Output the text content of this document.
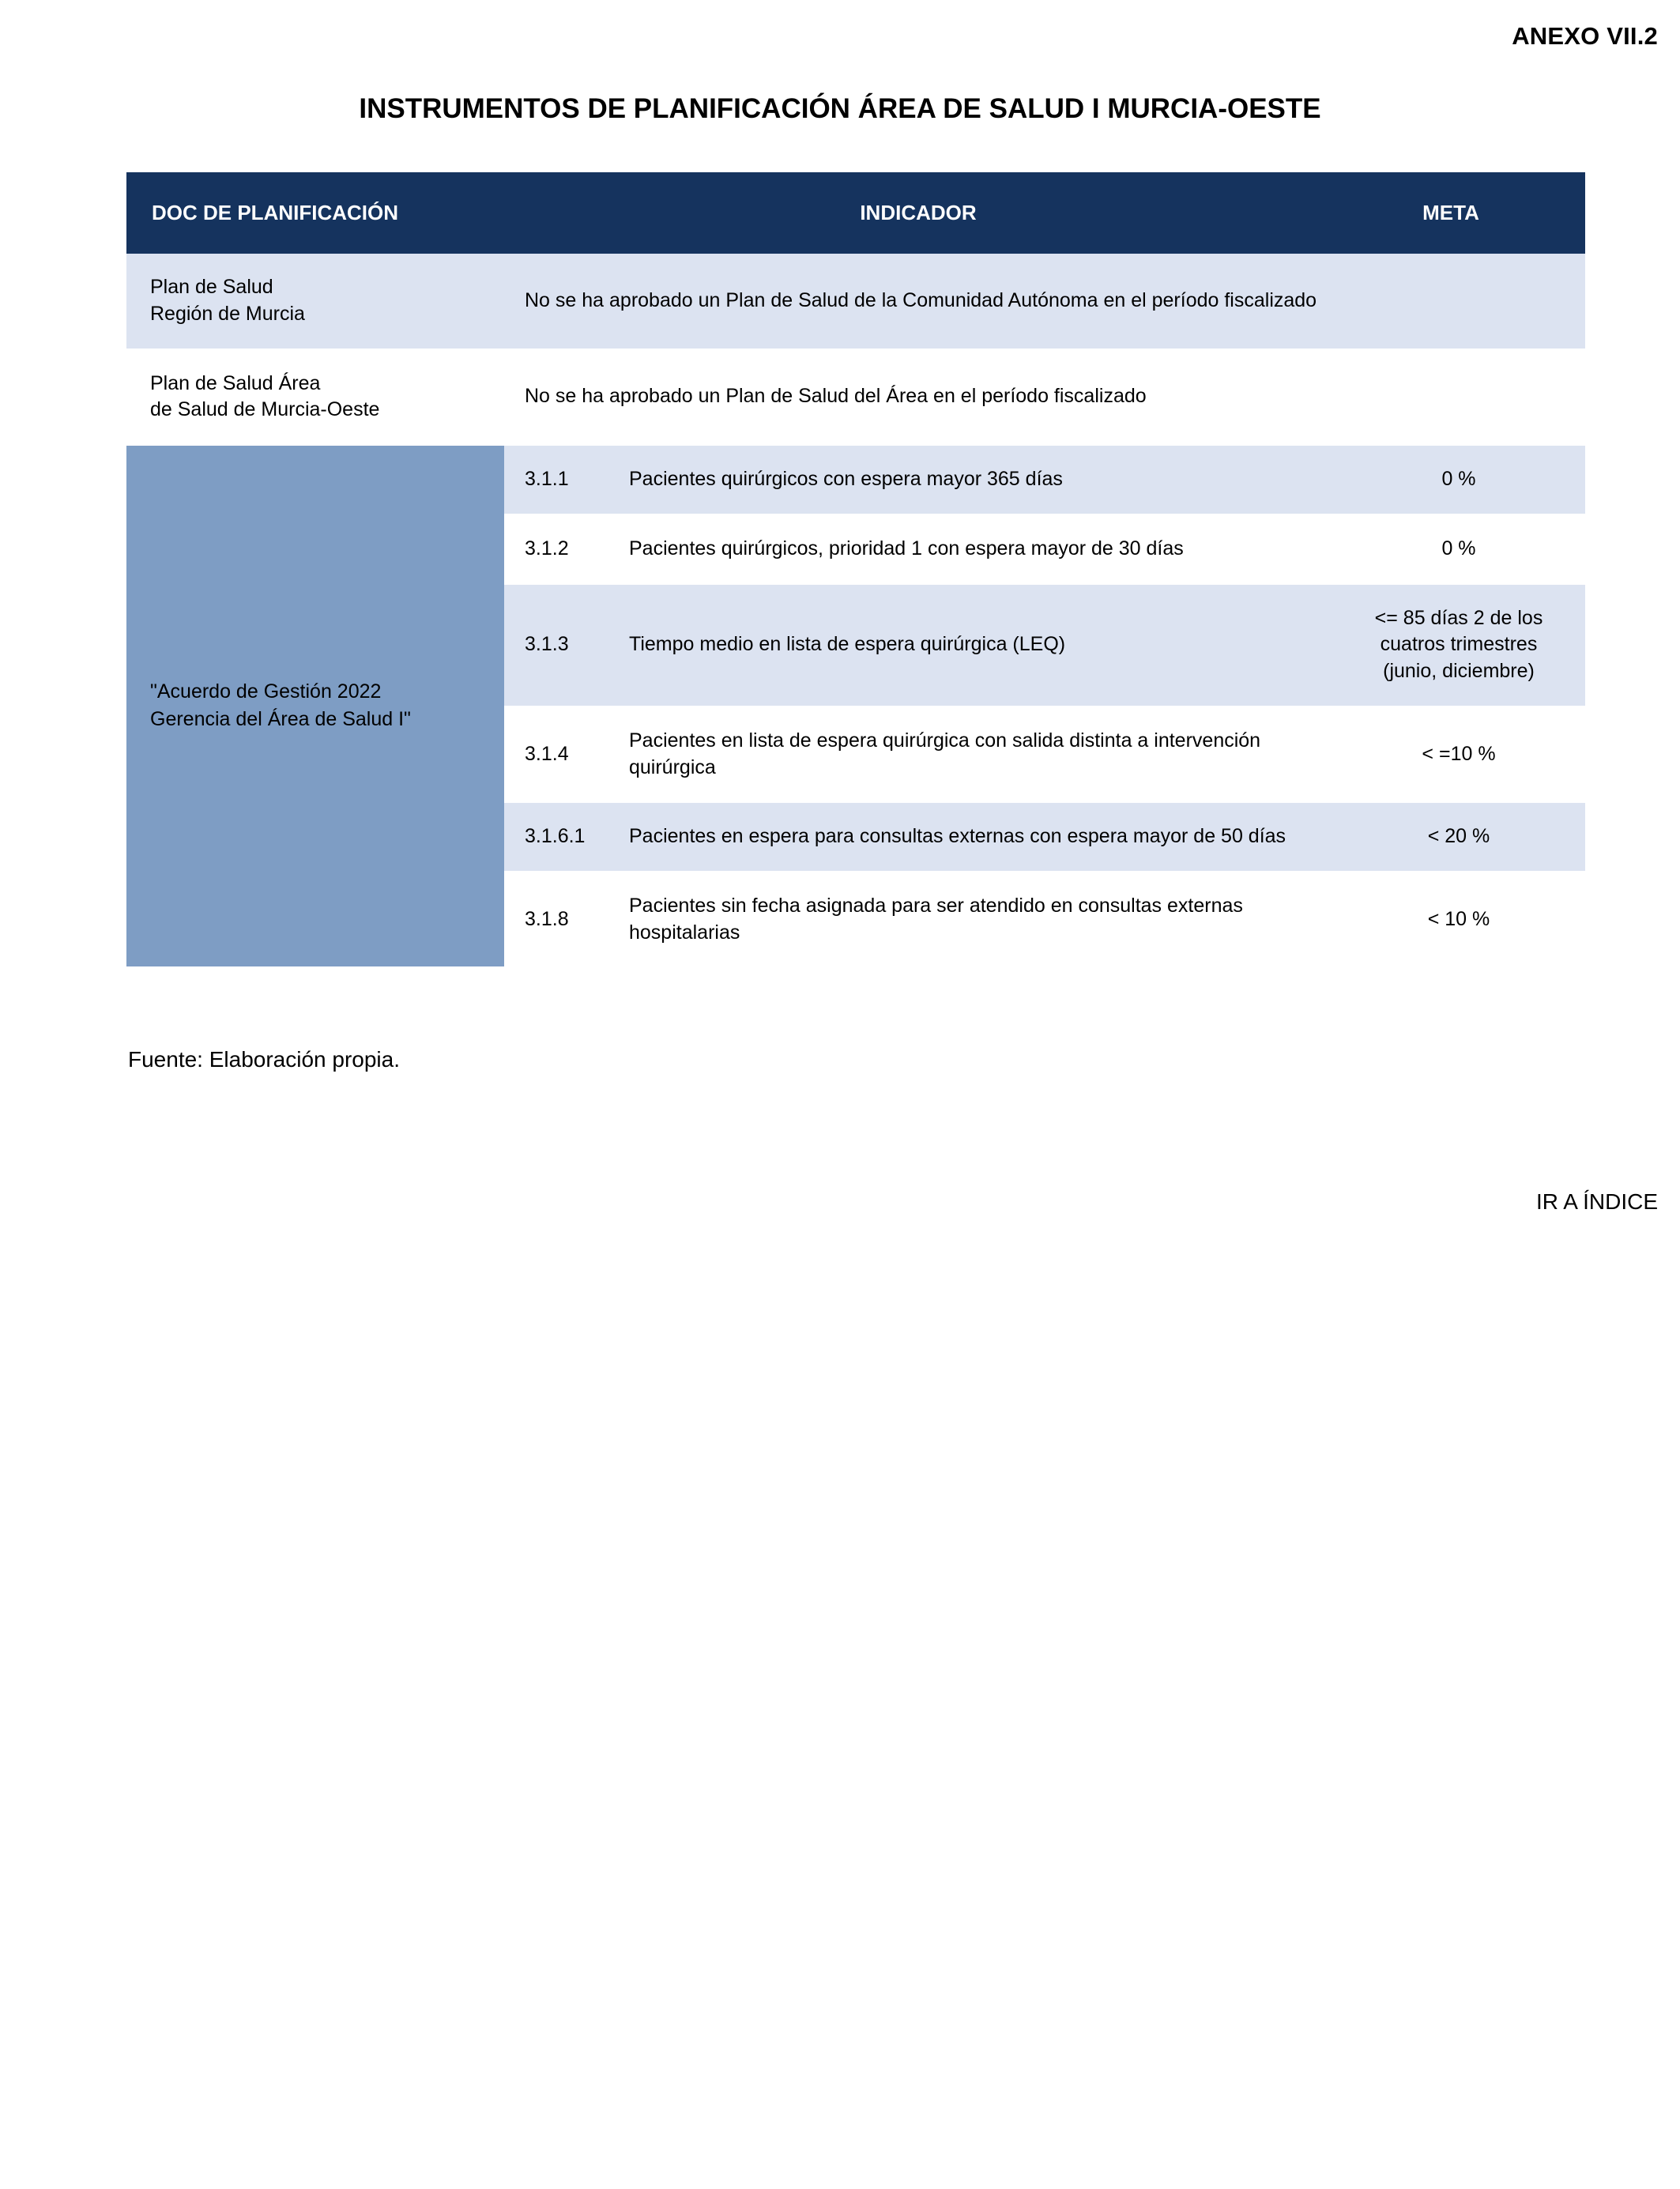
ANEXO VII.2
INSTRUMENTOS DE PLANIFICACIÓN ÁREA DE SALUD I MURCIA-OESTE
DOC DE PLANIFICACIÓN	INDICADOR		META

Plan de Salud
Región de Murcia	No se ha aprobado un Plan de Salud de la Comunidad Autónoma en el período fiscalizado		

Plan de Salud Área
de Salud de Murcia-Oeste	No se ha aprobado un Plan de Salud del Área en el período fiscalizado		

"Acuerdo de Gestión 2022
Gerencia del Área de Salud I"	3.1.1	Pacientes quirúrgicos con espera mayor 365 días	0 %
	3.1.2	Pacientes quirúrgicos, prioridad 1 con espera mayor de 30 días	0 %
	3.1.3	Tiempo medio en lista de espera quirúrgica (LEQ)	<= 85 días 2 de los cuatros trimestres (junio, diciembre)
	3.1.4	Pacientes en lista de espera quirúrgica con salida distinta a intervención quirúrgica	< =10 %
	3.1.6.1	Pacientes en espera para consultas externas con espera mayor de 50 días	< 20 %
	3.1.8	Pacientes sin fecha asignada para ser atendido en consultas externas hospitalarias	< 10 %
Fuente: Elaboración propia.
IR A ÍNDICE
